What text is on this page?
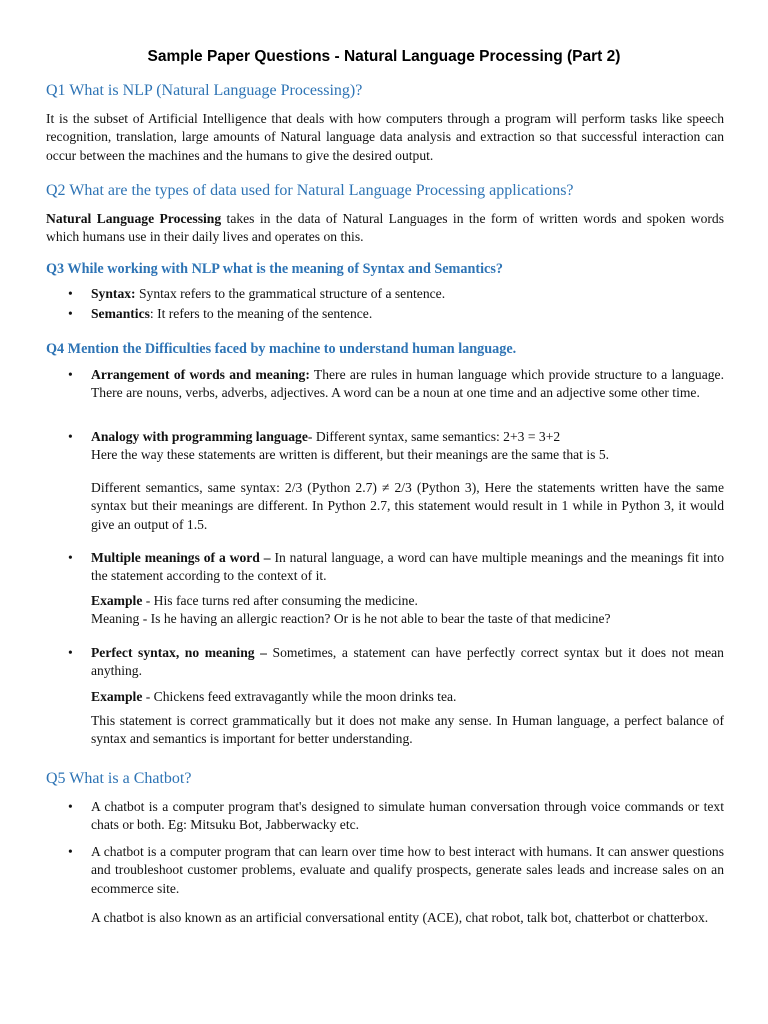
Sample Paper Questions - Natural Language Processing (Part 2)
Q1 What is NLP (Natural Language Processing)?
It is the subset of Artificial Intelligence that deals with how computers through a program will perform tasks like speech recognition, translation, large amounts of Natural language data analysis and extraction so that successful interaction can occur between the machines and the humans to give the desired output.
Q2 What are the types of data used for Natural Language Processing applications?
Natural Language Processing takes in the data of Natural Languages in the form of written words and spoken words which humans use in their daily lives and operates on this.
Q3 While working with NLP what is the meaning of Syntax and Semantics?
• Syntax: Syntax refers to the grammatical structure of a sentence.
• Semantics: It refers to the meaning of the sentence.
Q4 Mention the Difficulties faced by machine to understand human language.
• Arrangement of words and meaning: There are rules in human language which provide structure to a language. There are nouns, verbs, adverbs, adjectives. A word can be a noun at one time and an adjective some other time.
• Analogy with programming language- Different syntax, same semantics: 2+3 = 3+2
Here the way these statements are written is different, but their meanings are the same that is 5.
Different semantics, same syntax: 2/3 (Python 2.7) ≠ 2/3 (Python 3), Here the statements written have the same syntax but their meanings are different. In Python 2.7, this statement would result in 1 while in Python 3, it would give an output of 1.5.
• Multiple meanings of a word – In natural language, a word can have multiple meanings and the meanings fit into the statement according to the context of it.
Example - His face turns red after consuming the medicine.
Meaning - Is he having an allergic reaction? Or is he not able to bear the taste of that medicine?
• Perfect syntax, no meaning – Sometimes, a statement can have perfectly correct syntax but it does not mean anything.
Example - Chickens feed extravagantly while the moon drinks tea.
This statement is correct grammatically but it does not make any sense. In Human language, a perfect balance of syntax and semantics is important for better understanding.
Q5 What is a Chatbot?
• A chatbot is a computer program that's designed to simulate human conversation through voice commands or text chats or both. Eg: Mitsuku Bot, Jabberwacky etc.
• A chatbot is a computer program that can learn over time how to best interact with humans. It can answer questions and troubleshoot customer problems, evaluate and qualify prospects, generate sales leads and increase sales on an ecommerce site.
A chatbot is also known as an artificial conversational entity (ACE), chat robot, talk bot, chatterbot or chatterbox.
